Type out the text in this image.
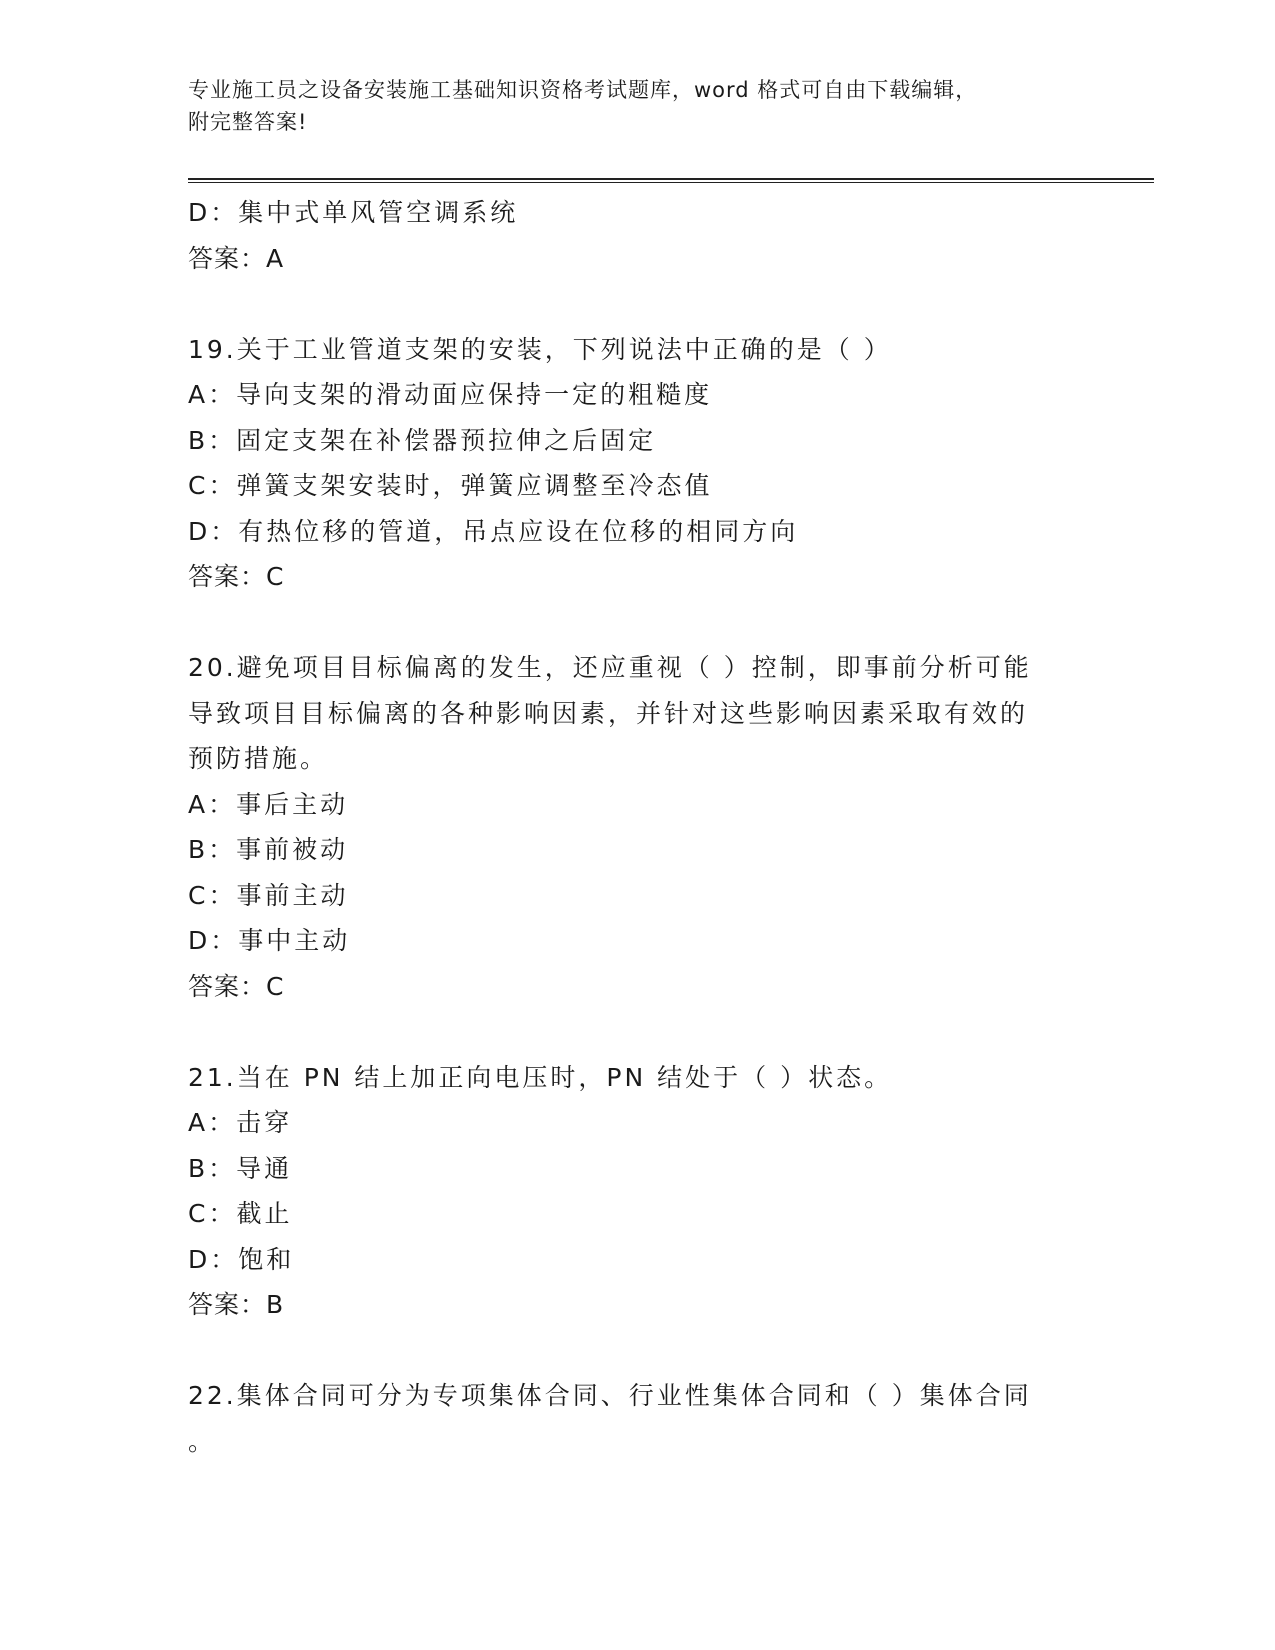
专业施工员之设备安装施工基础知识资格考试题库，word 格式可自由下载编辑，
附完整答案!
D：集中式单风管空调系统
答案：A
19.关于工业管道支架的安装，下列说法中正确的是（ ）
A：导向支架的滑动面应保持一定的粗糙度
B：固定支架在补偿器预拉伸之后固定
C：弹簧支架安装时，弹簧应调整至冷态值
D：有热位移的管道，吊点应设在位移的相同方向
答案：C
20.避免项目目标偏离的发生，还应重视（ ）控制，即事前分析可能
导致项目目标偏离的各种影响因素，并针对这些影响因素采取有效的
预防措施。
A：事后主动
B：事前被动
C：事前主动
D：事中主动
答案：C
21.当在 PN 结上加正向电压时，PN 结处于（ ）状态。
A：击穿
B：导通
C：截止
D：饱和
答案：B
22.集体合同可分为专项集体合同、行业性集体合同和（ ）集体合同
。
